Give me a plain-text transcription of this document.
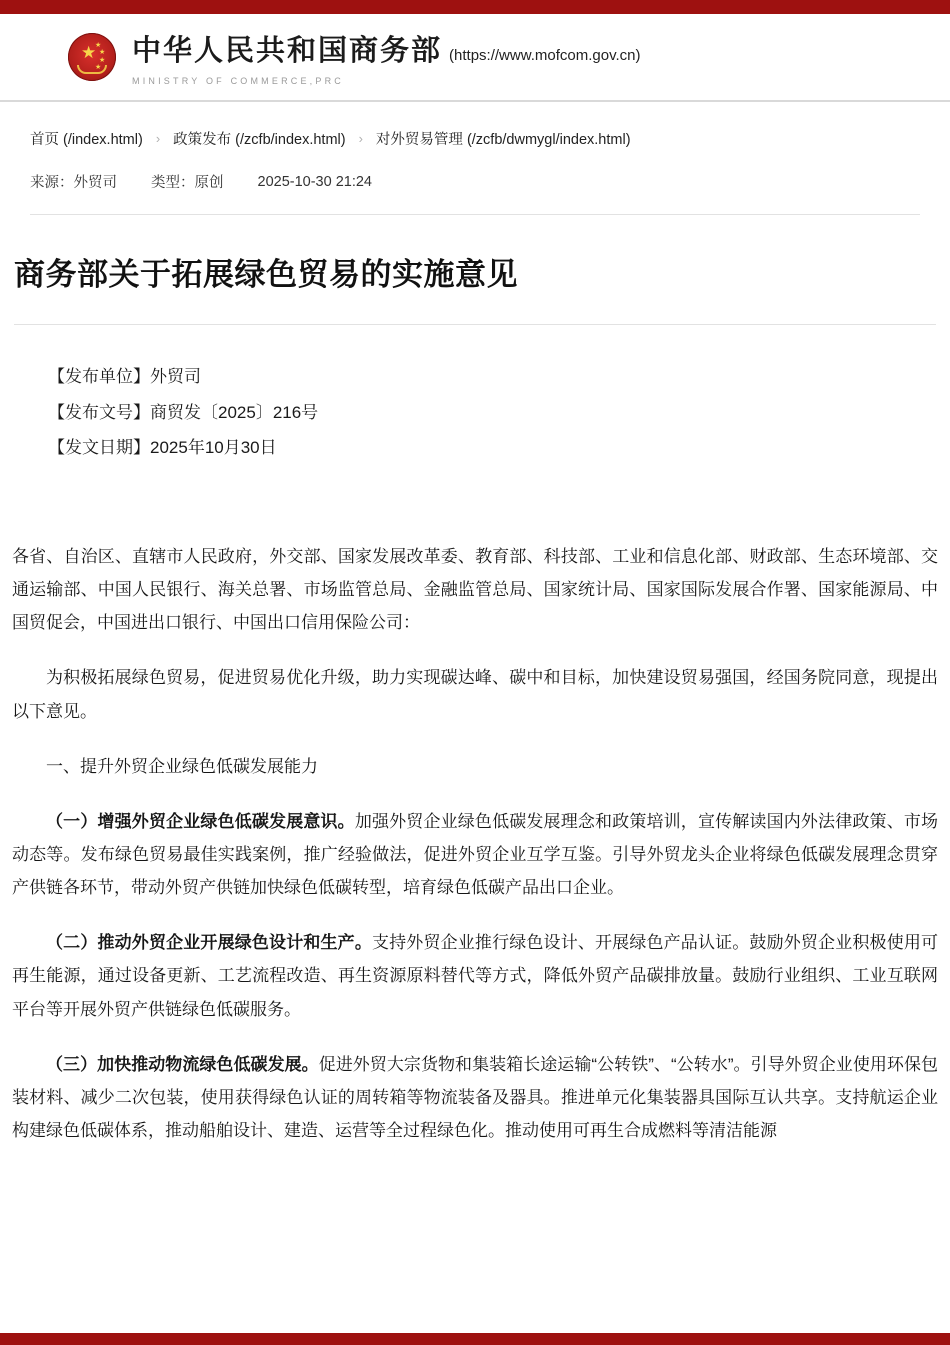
★
★
★
★
★
中华人民共和国商务部 (https://www.mofcom.gov.cn)
MINISTRY OF COMMERCE,PRC
首页 (/index.html) › 政策发布 (/zcfb/index.html) › 对外贸易管理 (/zcfb/dwmygl/index.html)
来源：外贸司 类型：原创 2025-10-30 21:24
商务部关于拓展绿色贸易的实施意见
【发布单位】外贸司
【发布文号】商贸发〔2025〕216号
【发文日期】2025年10月30日

各省、自治区、直辖市人民政府，外交部、国家发展改革委、教育部、科技部、工业和信息化部、财政部、生态环境部、交通运输部、中国人民银行、海关总署、市场监管总局、金融监管总局、国家统计局、国家国际发展合作署、国家能源局、中国贸促会，中国进出口银行、中国出口信用保险公司：

为积极拓展绿色贸易，促进贸易优化升级，助力实现碳达峰、碳中和目标，加快建设贸易强国，经国务院同意，现提出以下意见。

一、提升外贸企业绿色低碳发展能力

（一）增强外贸企业绿色低碳发展意识。加强外贸企业绿色低碳发展理念和政策培训，宣传解读国内外法律政策、市场动态等。发布绿色贸易最佳实践案例，推广经验做法，促进外贸企业互学互鉴。引导外贸龙头企业将绿色低碳发展理念贯穿产供链各环节，带动外贸产供链加快绿色低碳转型，培育绿色低碳产品出口企业。

（二）推动外贸企业开展绿色设计和生产。支持外贸企业推行绿色设计、开展绿色产品认证。鼓励外贸企业积极使用可再生能源，通过设备更新、工艺流程改造、再生资源原料替代等方式，降低外贸产品碳排放量。鼓励行业组织、工业互联网平台等开展外贸产供链绿色低碳服务。

（三）加快推动物流绿色低碳发展。促进外贸大宗货物和集装箱长途运输“公转铁”、“公转水”。引导外贸企业使用环保包装材料、减少二次包装，使用获得绿色认证的周转箱等物流装备及器具。推进单元化集装器具国际互认共享。支持航运企业构建绿色低碳体系，推动船舶设计、建造、运营等全过程绿色化。推动使用可再生合成燃料等清洁能源
